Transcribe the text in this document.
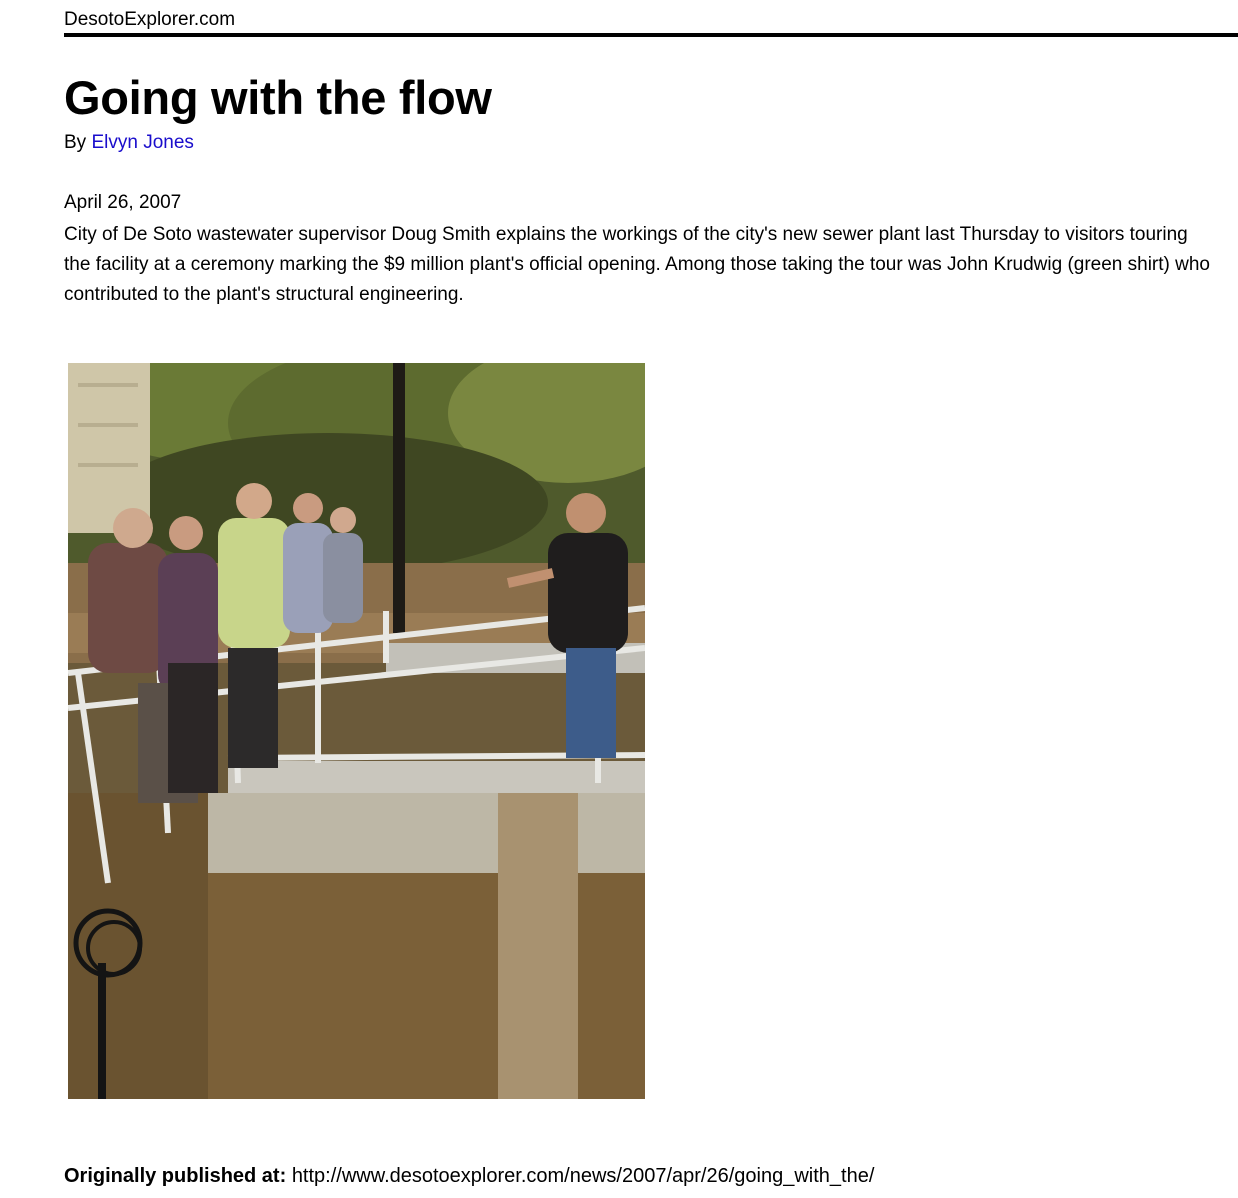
DesotoExplorer.com
Going with the flow
By Elvyn Jones
April 26, 2007

City of De Soto wastewater supervisor Doug Smith explains the workings of the city's new sewer plant last Thursday to visitors touring the facility at a ceremony marking the $9 million plant's official opening. Among those taking the tour was John Krudwig (green shirt) who contributed to the plant's structural engineering.

Originally published at: http://www.desotoexplorer.com/news/2007/apr/26/going_with_the/
